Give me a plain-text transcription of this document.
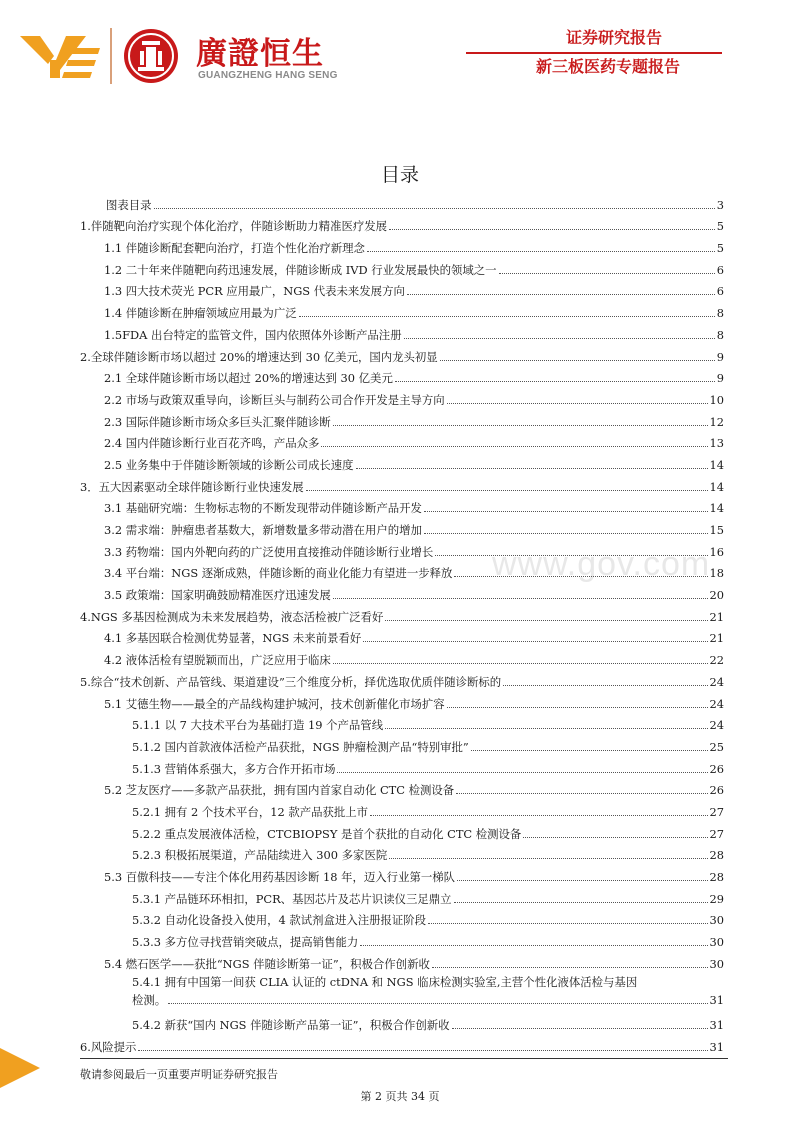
廣證恒生
GUANGZHENG HANG SENG
证券研究报告
新三板医药专题报告
目录
www.gov.com
图表目录	3
1.伴随靶向治疗实现个体化治疗，伴随诊断助力精准医疗发展	5
1.1 伴随诊断配套靶向治疗，打造个性化治疗新理念	5
1.2 二十年来伴随靶向药迅速发展，伴随诊断成 IVD 行业发展最快的领域之一	6
1.3 四大技术荧光 PCR 应用最广，NGS 代表未来发展方向	6
1.4 伴随诊断在肿瘤领域应用最为广泛	8
1.5FDA 出台特定的监管文件，国内依照体外诊断产品注册	8
2.全球伴随诊断市场以超过 20%的增速达到 30 亿美元，国内龙头初显	9
2.1 全球伴随诊断市场以超过 20%的增速达到 30 亿美元	9
2.2 市场与政策双重导向，诊断巨头与制药公司合作开发是主导方向	10
2.3 国际伴随诊断市场众多巨头汇聚伴随诊断	12
2.4 国内伴随诊断行业百花齐鸣，产品众多	13
2.5 业务集中于伴随诊断领域的诊断公司成长速度	14
3．五大因素驱动全球伴随诊断行业快速发展	14
3.1 基础研究端：生物标志物的不断发现带动伴随诊断产品开发	14
3.2 需求端：肿瘤患者基数大，新增数量多带动潜在用户的增加	15
3.3 药物端：国内外靶向药的广泛使用直接推动伴随诊断行业增长	16
3.4 平台端：NGS 逐渐成熟，伴随诊断的商业化能力有望进一步释放	18
3.5 政策端：国家明确鼓励精准医疗迅速发展	20
4.NGS 多基因检测成为未来发展趋势，液态活检被广泛看好	21
4.1 多基因联合检测优势显著，NGS 未来前景看好	21
4.2 液体活检有望脱颖而出，广泛应用于临床	22
5.综合“技术创新、产品管线、渠道建设”三个维度分析，择优选取优质伴随诊断标的	24
5.1 艾德生物——最全的产品线构建护城河，技术创新催化市场扩容	24
5.1.1 以 7 大技术平台为基础打造 19 个产品管线	24
5.1.2 国内首款液体活检产品获批，NGS 肿瘤检测产品“特别审批”	25
5.1.3 营销体系强大，多方合作开拓市场	26
5.2 芝友医疗——多款产品获批，拥有国内首家自动化 CTC 检测设备	26
5.2.1 拥有 2 个技术平台，12 款产品获批上市	27
5.2.2 重点发展液体活检，CTCBIOPSY 是首个获批的自动化 CTC 检测设备	27
5.2.3 积极拓展渠道，产品陆续进入 300 多家医院	28
5.3 百傲科技——专注个体化用药基因诊断 18 年，迈入行业第一梯队	28
5.3.1 产品链环环相扣，PCR、基因芯片及芯片识读仪三足鼎立	29
5.3.2 自动化设备投入使用，4 款试剂盒进入注册报证阶段	30
5.3.3 多方位寻找营销突破点，提高销售能力	30
5.4 燃石医学——获批“NGS 伴随诊断第一证”，积极合作创新收	30
5.4.1 拥有中国第一间获 CLIA 认证的 ctDNA 和 NGS 临床检测实验室,主营个性化液体活检与基因
检测。	31
5.4.2 新获“国内 NGS 伴随诊断产品第一证”，积极合作创新收	31
6.风险提示	31
敬请参阅最后一页重要声明证券研究报告
第 2 页共 34 页
